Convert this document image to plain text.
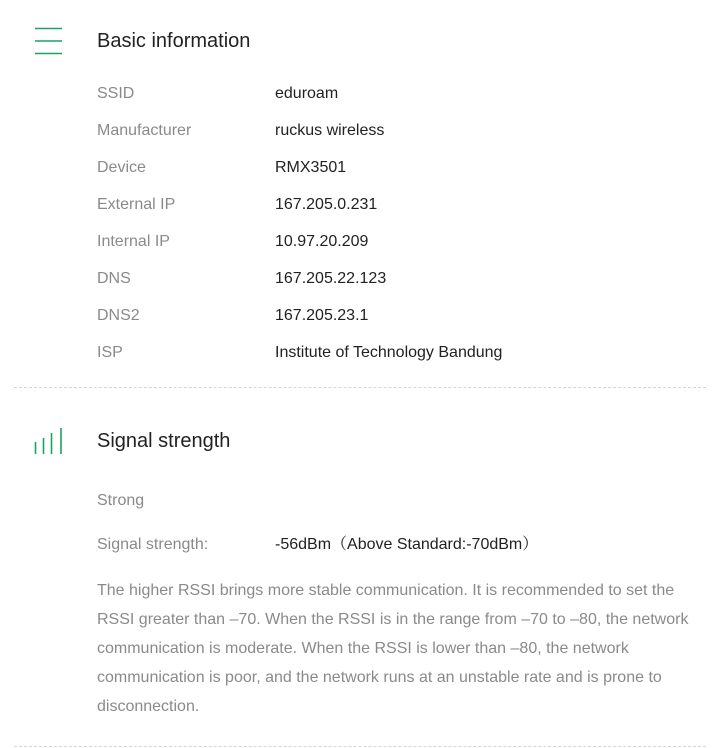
Basic information
SSID	eduroam
Manufacturer	ruckus wireless
Device	RMX3501
External IP	167.205.0.231
Internal IP	10.97.20.209
DNS	167.205.22.123
DNS2	167.205.23.1
ISP	Institute of Technology Bandung
Signal strength
Strong
Signal strength:	-56dBm（Above Standard:-70dBm）
The higher RSSI brings more stable communication. It is recommended to set the RSSI greater than –70. When the RSSI is in the range from –70 to –80, the network communication is moderate. When the RSSI is lower than –80, the network communication is poor, and the network runs at an unstable rate and is prone to disconnection.
